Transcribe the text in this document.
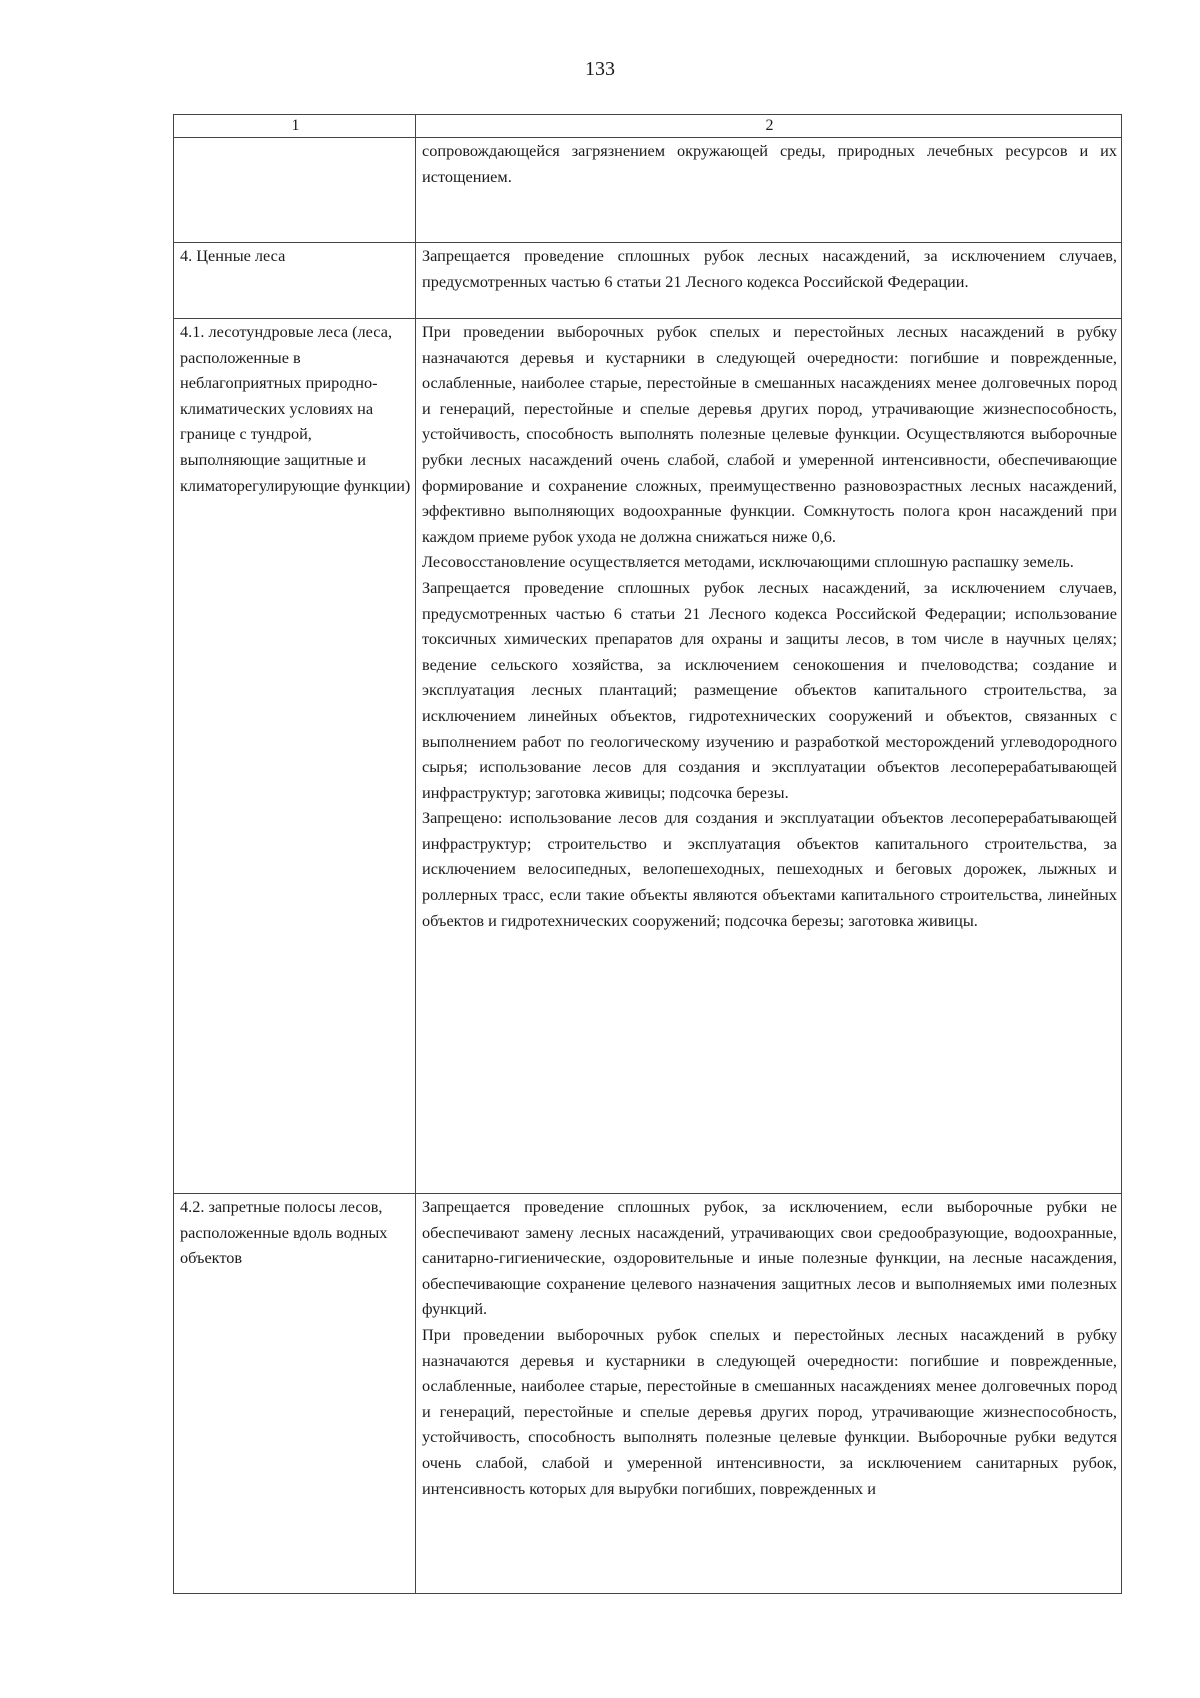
133
1	2

	сопровождающейся загрязнением окружающей среды, природных лечебных ресурсов и их истощением.

4. Ценные леса	Запрещается проведение сплошных рубок лесных насаждений, за исключением случаев, предусмотренных частью 6 статьи 21 Лесного кодекса Российской Федерации.

4.1. лесотундровые леса (леса, расположенные в неблагоприятных природно-климатических условиях на границе с тундрой, выполняющие защитные и климаторегулирующие функции)	При проведении выборочных рубок спелых и перестойных лесных насаждений в рубку назначаются деревья и кустарники в следующей очередности: погибшие и поврежденные, ослабленные, наиболее старые, перестойные в смешанных насаждениях менее долговечных пород и генераций, перестойные и спелые деревья других пород, утрачивающие жизнеспособность, устойчивость, способность выполнять полезные целевые функции. Осуществляются выборочные рубки лесных насаждений очень слабой, слабой и умеренной интенсивности, обеспечивающие формирование и сохранение сложных, преимущественно разновозрастных лесных насаждений, эффективно выполняющих водоохранные функции. Сомкнутость полога крон насаждений при каждом приеме рубок ухода не должна снижаться ниже 0,6.

Лесовосстановление осуществляется методами, исключающими сплошную распашку земель.

Запрещается проведение сплошных рубок лесных насаждений, за исключением случаев, предусмотренных частью 6 статьи 21 Лесного кодекса Российской Федерации; использование токсичных химических препаратов для охраны и защиты лесов, в том числе в научных целях; ведение сельского хозяйства, за исключением сенокошения и пчеловодства; создание и эксплуатация лесных плантаций; размещение объектов капитального строительства, за исключением линейных объектов, гидротехнических сооружений и объектов, связанных с выполнением работ по геологическому изучению и разработкой месторождений углеводородного сырья; использование лесов для создания и эксплуатации объектов лесоперерабатывающей инфраструктур; заготовка живицы; подсочка березы.

Запрещено: использование лесов для создания и эксплуатации объектов лесоперерабатывающей инфраструктур; строительство и эксплуатация объектов капитального строительства, за исключением велосипедных, велопешеходных, пешеходных и беговых дорожек, лыжных и роллерных трасс, если такие объекты являются объектами капитального строительства, линейных объектов и гидротехнических сооружений; подсочка березы; заготовка живицы.

4.2. запретные полосы лесов, расположенные вдоль водных объектов	Запрещается проведение сплошных рубок, за исключением, если выборочные рубки не обеспечивают замену лесных насаждений, утрачивающих свои средообразующие, водоохранные, санитарно-гигиенические, оздоровительные и иные полезные функции, на лесные насаждения, обеспечивающие сохранение целевого назначения защитных лесов и выполняемых ими полезных функций.

При проведении выборочных рубок спелых и перестойных лесных насаждений в рубку назначаются деревья и кустарники в следующей очередности: погибшие и поврежденные, ослабленные, наиболее старые, перестойные в смешанных насаждениях менее долговечных пород и генераций, перестойные и спелые деревья других пород, утрачивающие жизнеспособность, устойчивость, способность выполнять полезные целевые функции. Выборочные рубки ведутся очень слабой, слабой и умеренной интенсивности, за исключением санитарных рубок, интенсивность которых для вырубки погибших, поврежденных и
